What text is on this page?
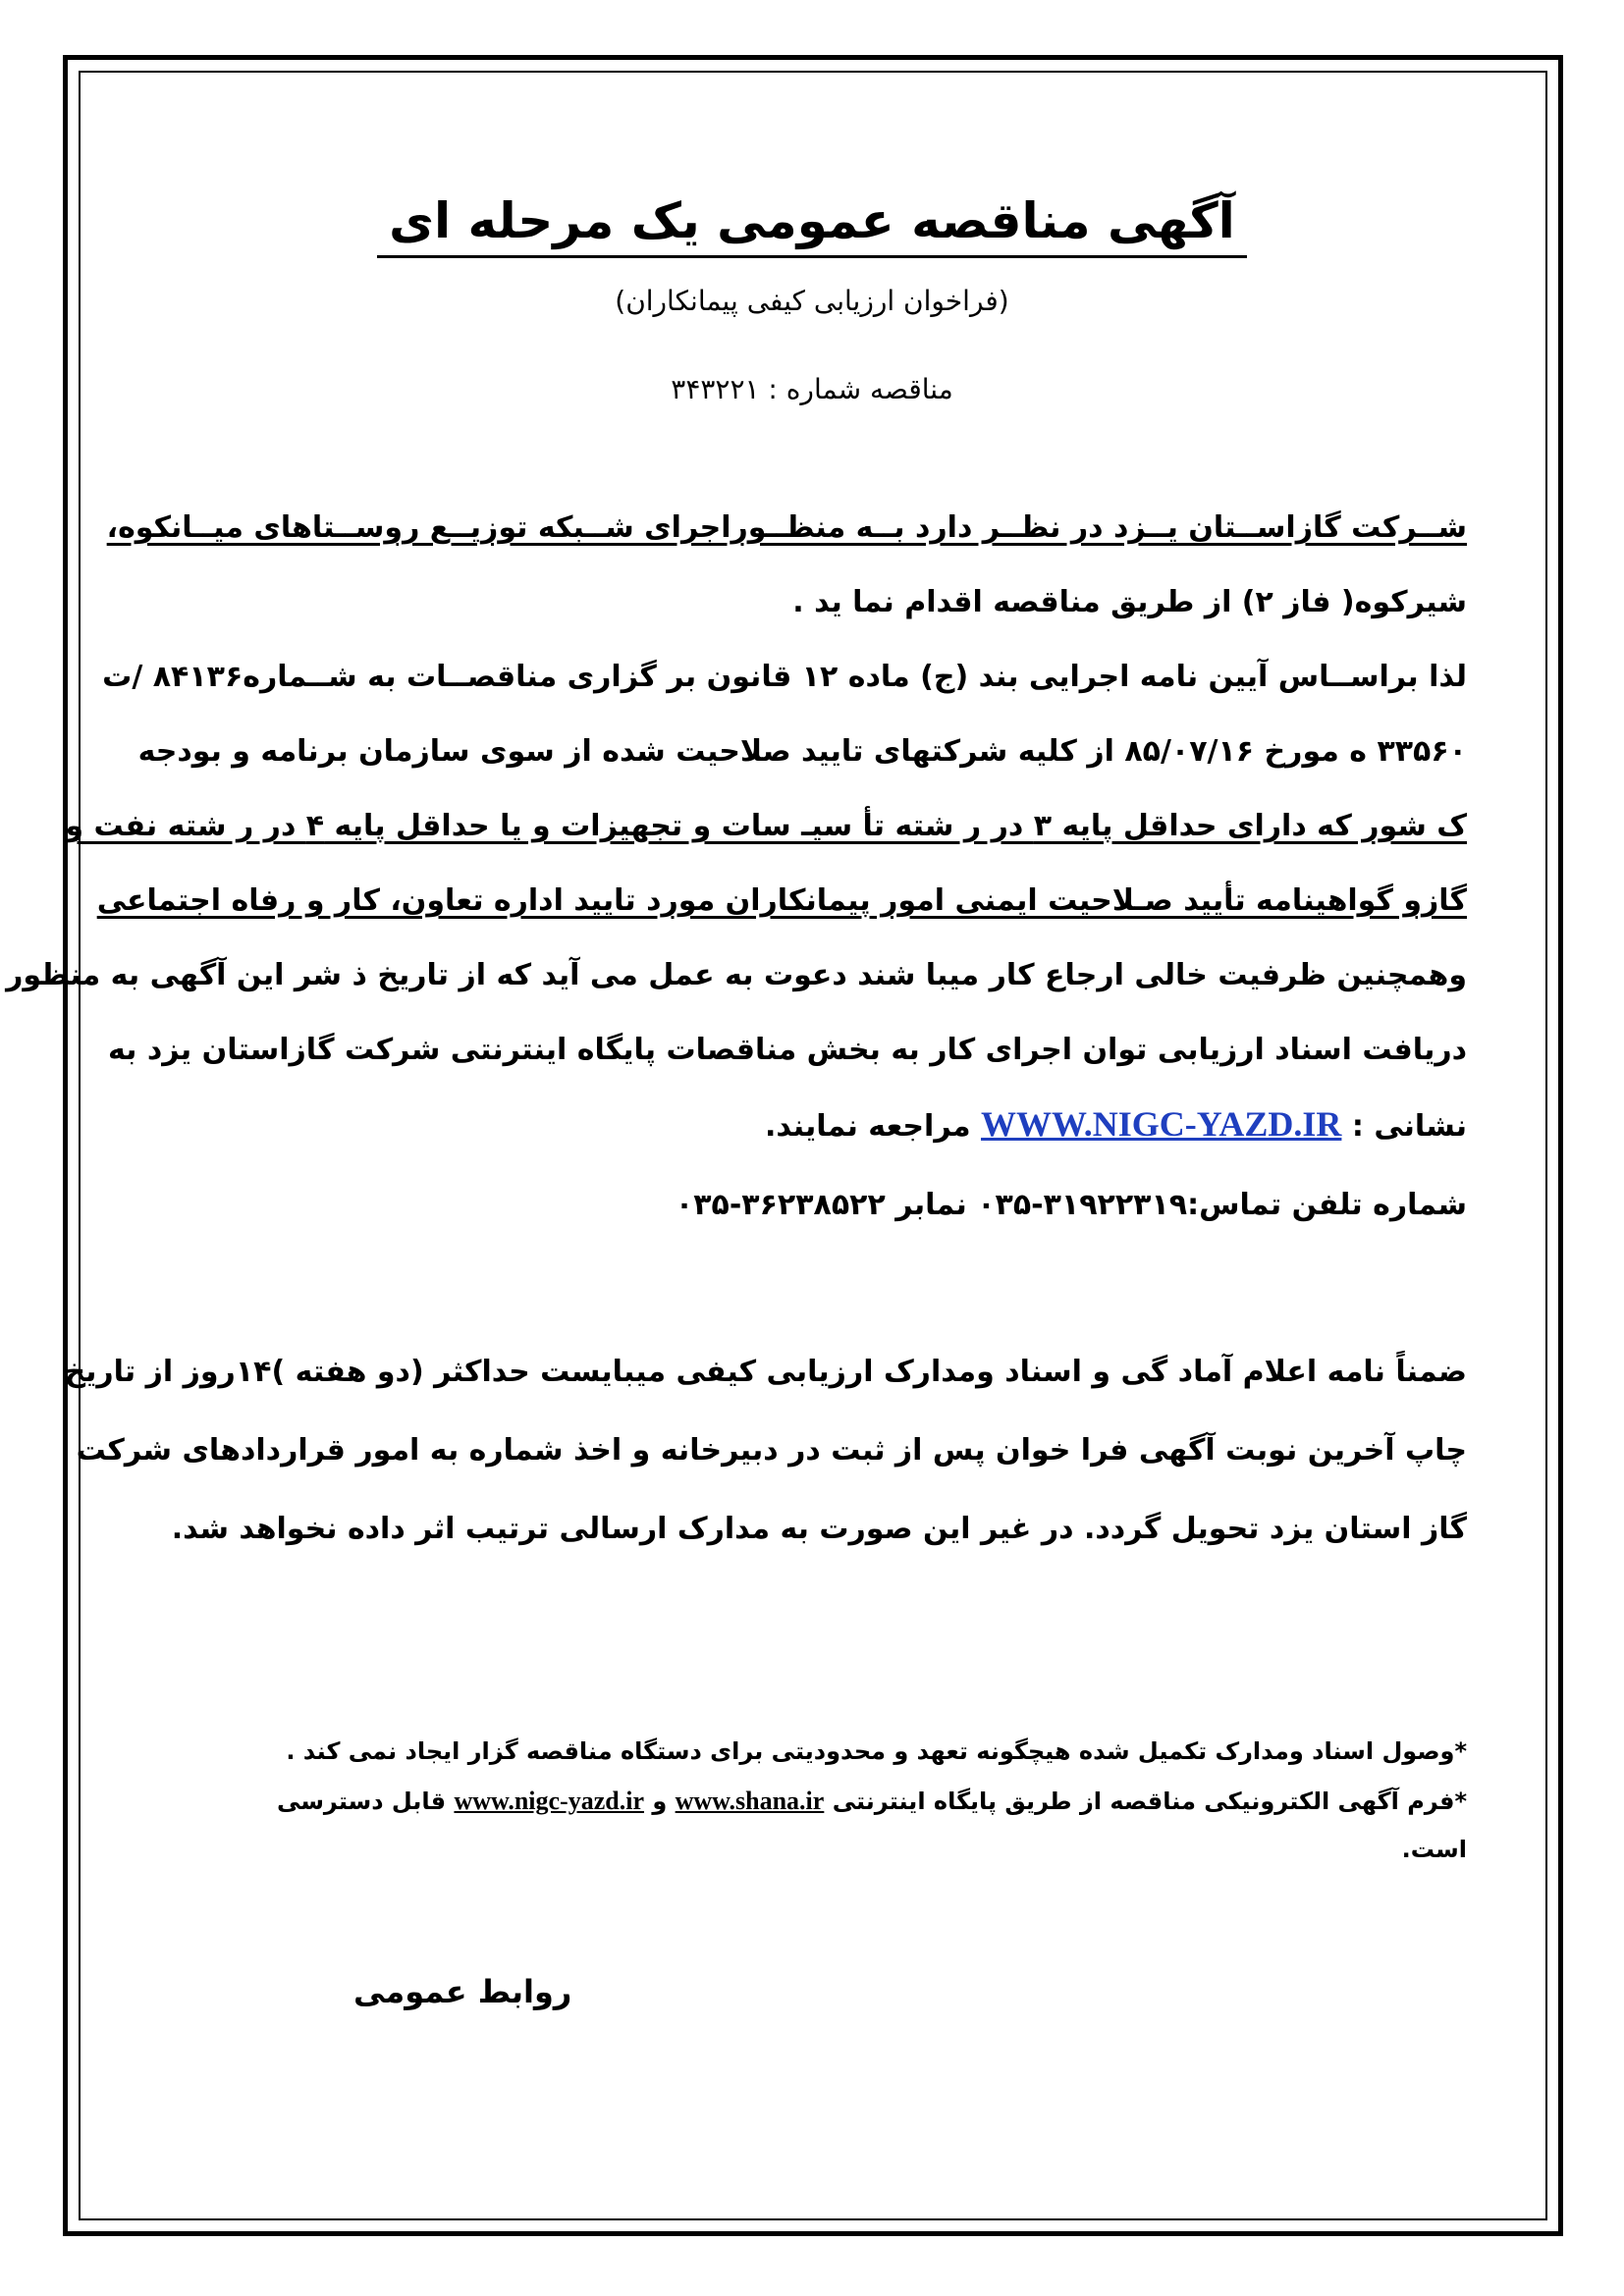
آگهی مناقصه عمومی یک مرحله ای
(فراخوان ارزیابی کیفی پیمانکاران)
مناقصه شماره : ۳۴۳۲۲۱
شــرکت گازاســتان یــزد در نظــر دارد بــه منظــوراجرای شــبکه توزیــع روســتاهای میــانکوه،
شیرکوه( فاز ۲) از طریق مناقصه اقدام نما ید .
لذا براســاس آیین نامه اجرایی بند (ج) ماده ۱۲ قانون بر گزاری مناقصــات به شــماره۸۴۱۳۶ /ت
۳۳۵۶۰ ه مورخ ۸۵/۰۷/۱۶ از کلیه شرکتهای تایید صلاحیت شده از سوی سازمان برنامه و بودجه
ک شور که دارای حداقل پایه ۳ در ر شته تأ سیـ سات و تجهیزات و یا حداقل پایه ۴ در ر شته نفت و
گازو گواهینامه تأیید صـلاحیت ایمنی امور پیمانکاران مورد تایید اداره تعاون، کار و رفاه اجتماعی
وهمچنین ظرفیت خالی ارجاع کار میبا شند دعوت به عمل می آید که از تاریخ ذ شر این آگهی به منظور
دریافت اسناد ارزیابی توان اجرای کار به بخش مناقصات پایگاه اینترنتی شرکت گازاستان یزد به
نشانی : WWW.NIGC-YAZD.IR مراجعه نمایند.
شماره تلفن تماس:۳۱۹۲۲۳۱۹-۰۳۵ نمابر ۳۶۲۳۸۵۲۲-۰۳۵
ضمناً نامه اعلام آماد گی و اسناد ومدارک ارزیابی کیفی میبایست حداکثر (دو هفته )۱۴روز از تاریخ
چاپ آخرین نوبت آگهی فرا خوان پس از ثبت در دبیرخانه و اخذ شماره به امور قراردادهای شرکت
گاز استان یزد تحویل گردد. در غیر این صورت به مدارک ارسالی ترتیب اثر داده نخواهد شد.
*وصول اسناد ومدارک تکمیل شده هیچگونه تعهد و محدودیتی برای دستگاه مناقصه گزار ایجاد نمی کند .
*فرم آگهی الکترونیکی مناقصه از طریق پایگاه اینترنتی www.shana.ir و www.nigc-yazd.ir قابل دسترسی
است.
روابط عمومی
